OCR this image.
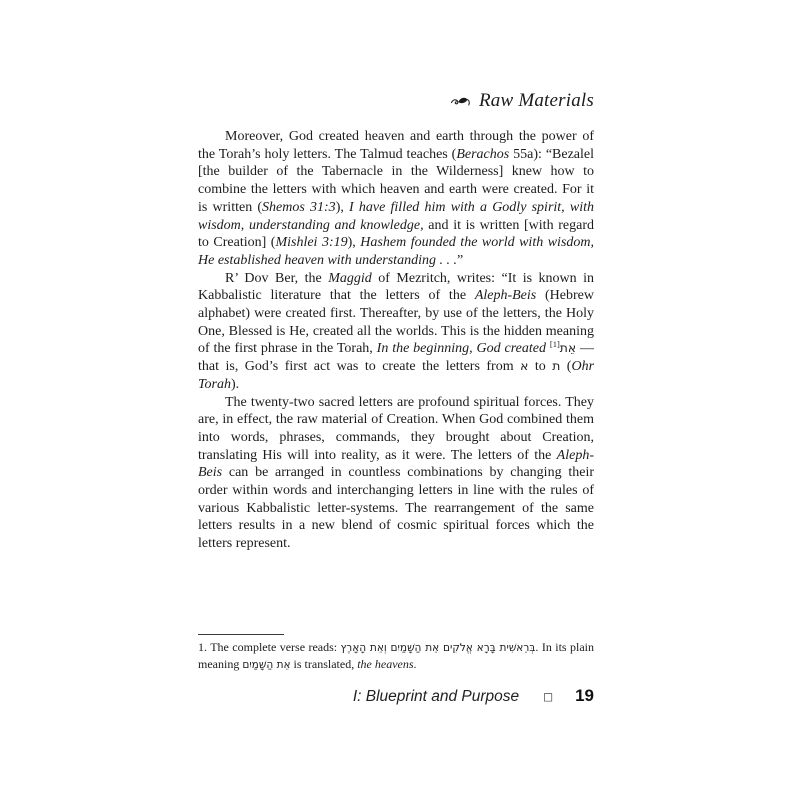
Raw Materials

Moreover, God created heaven and earth through the power of the Torah’s holy letters. The Talmud teaches (Berachos 55a): “Bezalel [the builder of the Tabernacle in the Wilderness] knew how to combine the letters with which heaven and earth were created. For it is written (Shemos 31:3), I have filled him with a Godly spirit, with wisdom, understanding and knowledge, and it is written [with regard to Creation] (Mishlei 3:19), Hashem founded the world with wisdom, He established heaven with understanding . . .”

R’ Dov Ber, the Maggid of Mezritch, writes: “It is known in Kabbalistic literature that the letters of the Aleph-Beis (Hebrew alphabet) were created first. Thereafter, by use of the letters, the Holy One, Blessed is He, created all the worlds. This is the hidden meaning of the first phrase in the Torah, In the beginning, God created אֵת[1] — that is, God’s first act was to create the letters from א to ת (Ohr Torah).

The twenty-two sacred letters are profound spiritual forces. They are, in effect, the raw material of Creation. When God combined them into words, phrases, commands, they brought about Creation, translating His will into reality, as it were. The letters of the Aleph-Beis can be arranged in countless combinations by changing their order within words and interchanging letters in line with the rules of various Kabbalistic letter-systems. The rearrangement of the same letters results in a new blend of cosmic spiritual forces which the letters represent.

1. The complete verse reads: בְּרֵאשִׁית בָּרָא אֱלֹקִים אֵת הַשָּׁמַיִם וְאֵת הָאָרֶץ. In its plain meaning אֵת הַשָּׁמַיִם is translated, the heavens.
I: Blueprint and Purpose □ 19
